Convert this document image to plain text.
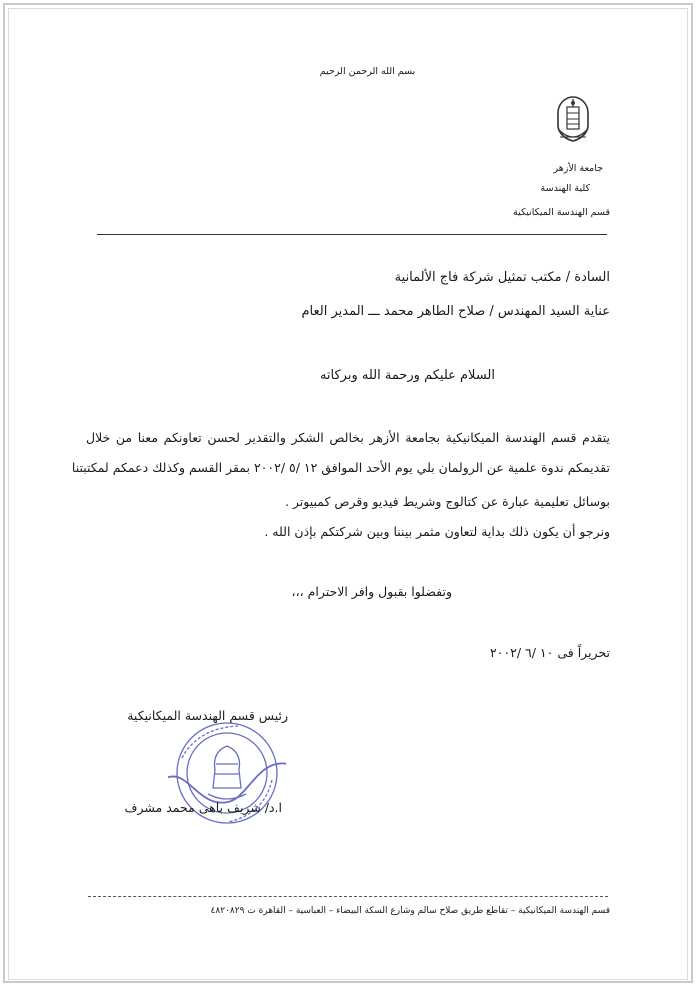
بسم الله الرحمن الرحيم
جامعة الأزهر
كلية الهندسة
قسم الهندسة الميكانيكية
السادة / مكتب تمثيل شركة فاج الألمانية
عناية السيد المهندس / صلاح الطاهر محمد ـــ المدير العام
السلام عليكم ورحمة الله وبركاته
يتقدم قسم الهندسة الميكانيكية بجامعة الأزهر بخالص الشكر والتقدير لحسن تعاونكم معنا من خلال
تقديمكم ندوة علمية عن الرولمان بلي يوم الأحد الموافق ١٢ /٥ /٢٠٠٢ بمقر القسم وكذلك دعمكم لمكتبتنا
بوسائل تعليمية عبارة عن كتالوج وشريط فيديو وقرص كمبيوتر .
ونرجو أن يكون ذلك بداية لتعاون مثمر بيننا وبين شركتكم بإذن الله .
وتفضلوا بقبول وافر الاحترام ،،،
تحريراً فى ١٠ /٦ /٢٠٠٢
رئيس قسم الهندسة الميكانيكية
ا.د/ شريف باهى محمد مشرف
قسم الهندسة الميكانيكية – تقاطع طريق صلاح سالم وشارع السكة البيضاء – العباسية – القاهرة ت ٤٨٢٠٨٢٩
